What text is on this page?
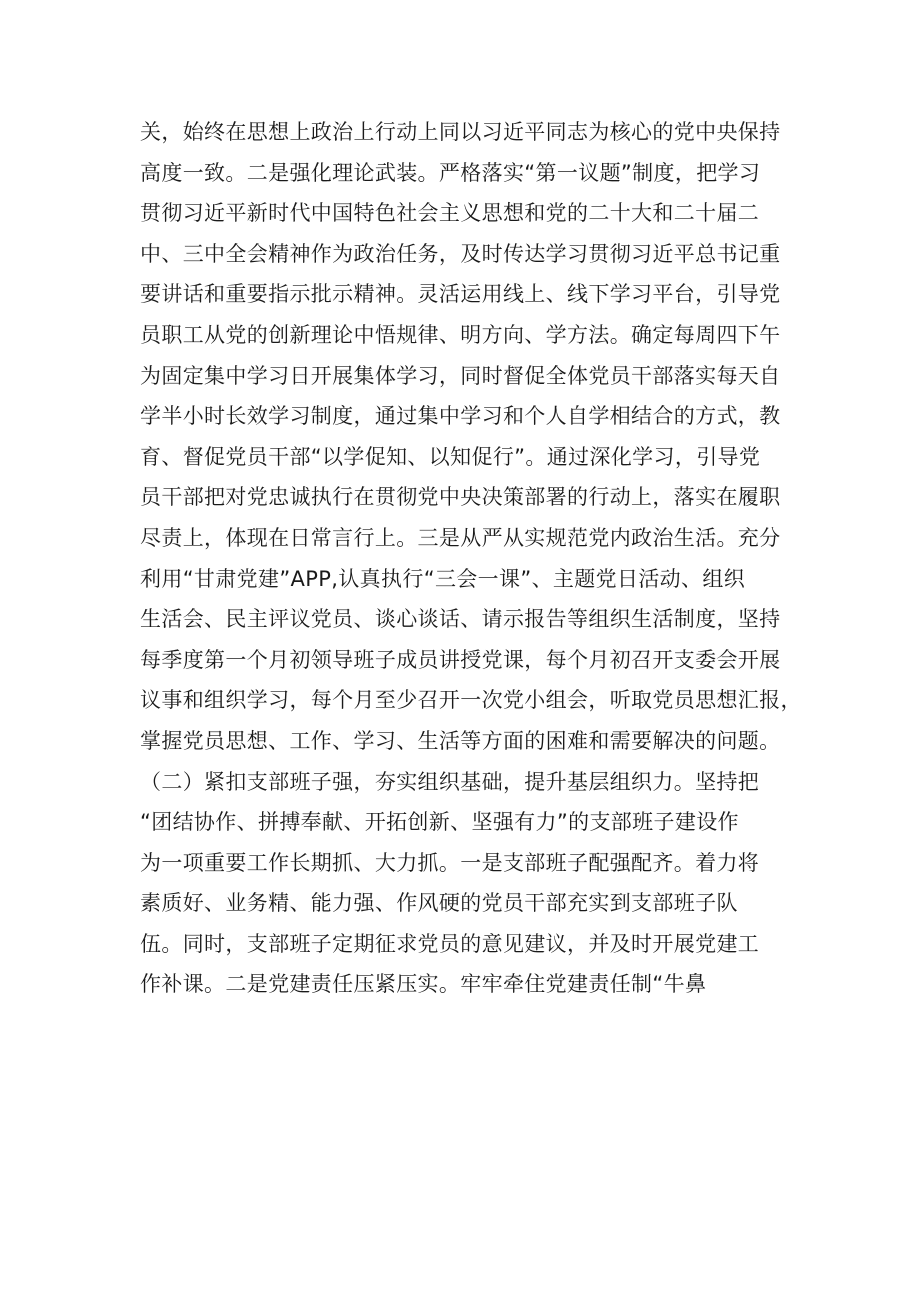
关，始终在思想上政治上行动上同以习近平同志为核心的党中央保持
高度一致。二是强化理论武装。严格落实“第一议题”制度，把学习
贯彻习近平新时代中国特色社会主义思想和党的二十大和二十届二
中、三中全会精神作为政治任务，及时传达学习贯彻习近平总书记重
要讲话和重要指示批示精神。灵活运用线上、线下学习平台，引导党
员职工从党的创新理论中悟规律、明方向、学方法。确定每周四下午
为固定集中学习日开展集体学习，同时督促全体党员干部落实每天自
学半小时长效学习制度，通过集中学习和个人自学相结合的方式，教
育、督促党员干部“以学促知、以知促行”。通过深化学习，引导党
员干部把对党忠诚执行在贯彻党中央决策部署的行动上，落实在履职
尽责上，体现在日常言行上。三是从严从实规范党内政治生活。充分
利用“甘肃党建”APP,认真执行“三会一课”、主题党日活动、组织
生活会、民主评议党员、谈心谈话、请示报告等组织生活制度，坚持
每季度第一个月初领导班子成员讲授党课，每个月初召开支委会开展
议事和组织学习，每个月至少召开一次党小组会，听取党员思想汇报，
掌握党员思想、工作、学习、生活等方面的困难和需要解决的问题。
（二）紧扣支部班子强，夯实组织基础，提升基层组织力。坚持把
“团结协作、拼搏奉献、开拓创新、坚强有力”的支部班子建设作
为一项重要工作长期抓、大力抓。一是支部班子配强配齐。着力将
素质好、业务精、能力强、作风硬的党员干部充实到支部班子队
伍。同时，支部班子定期征求党员的意见建议，并及时开展党建工
作补课。二是党建责任压紧压实。牢牢牵住党建责任制“牛鼻
